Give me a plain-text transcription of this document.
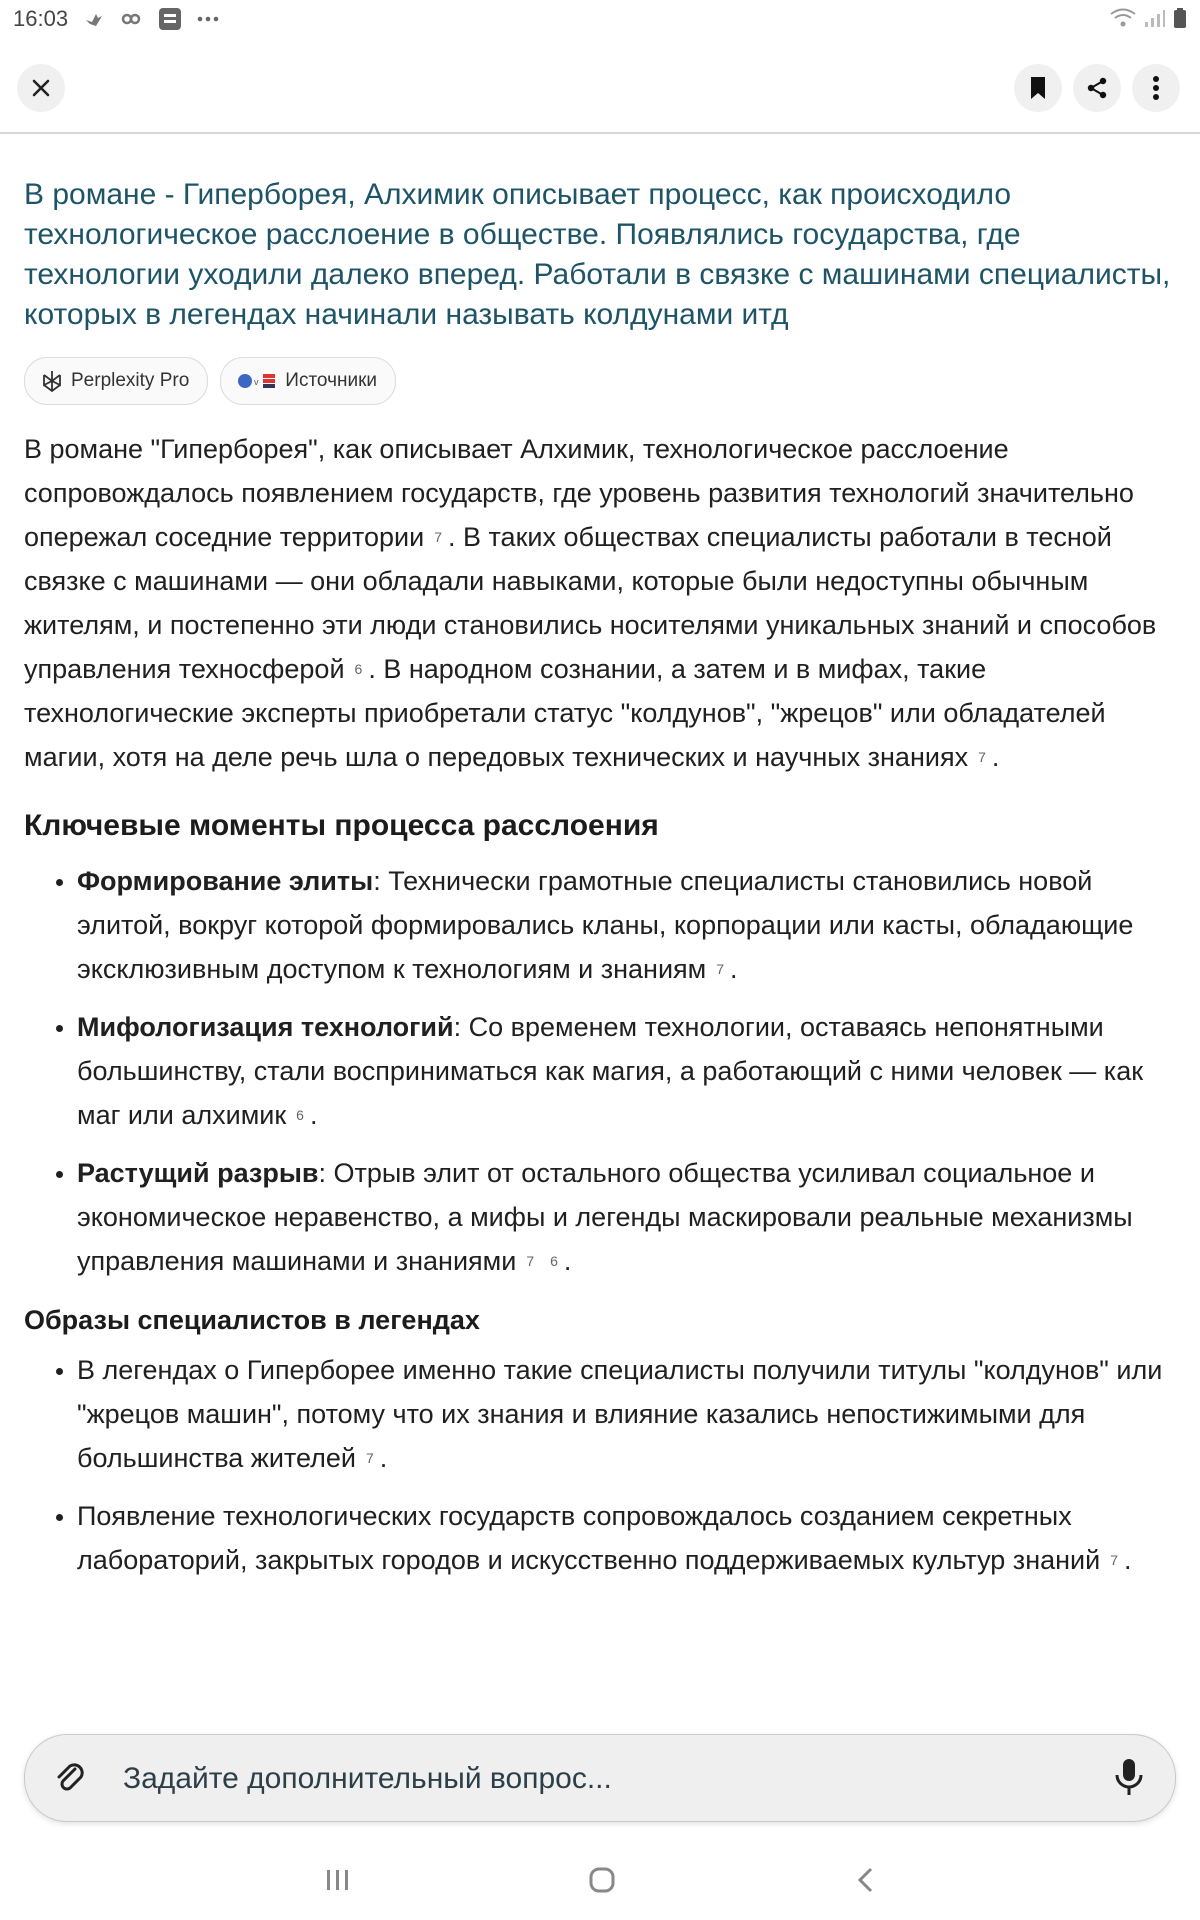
16:03

В романе - Гиперборея, Алхимик описывает процесс, как происходило технологическое расслоение в обществе. Появлялись государства, где технологии уходили далеко вперед. Работали в связке с машинами специалисты, которых в легендах начинали называть колдунами итд

Perplexity Pro	v Источники

В романе "Гиперборея", как описывает Алхимик, технологическое расслоение сопровождалось появлением государств, где уровень развития технологий значительно опережал соседние территории $^7$ . В таких обществах специалисты работали в тесной связке с машинами — они обладали навыками, которые были недоступны обычным жителям, и постепенно эти люди становились носителями уникальных знаний и способов управления техносферой $^6$ . В народном сознании, а затем и в мифах, такие технологические эксперты приобретали статус "колдунов", "жрецов" или обладателей магии, хотя на деле речь шла о передовых технических и научных знаниях $^7$ .

Ключевые моменты процесса расслоения
• Формирование элиты: Технически грамотные специалисты становились новой элитой, вокруг которой формировались кланы, корпорации или касты, обладающие эксклюзивным доступом к технологиям и знаниям $^7$ .
• Мифологизация технологий: Со временем технологии, оставаясь непонятными большинству, стали восприниматься как магия, а работающий с ними человек — как маг или алхимик $^6$ .
• Растущий разрыв: Отрыв элит от остального общества усиливал социальное и экономическое неравенство, а мифы и легенды маскировали реальные механизмы управления машинами и знаниями $^7$ $^6$ .
Образы специалистов в легендах
• В легендах о Гиперборее именно такие специалисты получили титулы "колдунов" или "жрецов машин", потому что их знания и влияние казались непостижимыми для большинства жителей $^7$ .
• Появление технологических государств сопровождалось созданием секретных лабораторий, закрытых городов и искусственно поддерживаемых культур знаний $^7$ .
Задайте дополнительный вопрос...
